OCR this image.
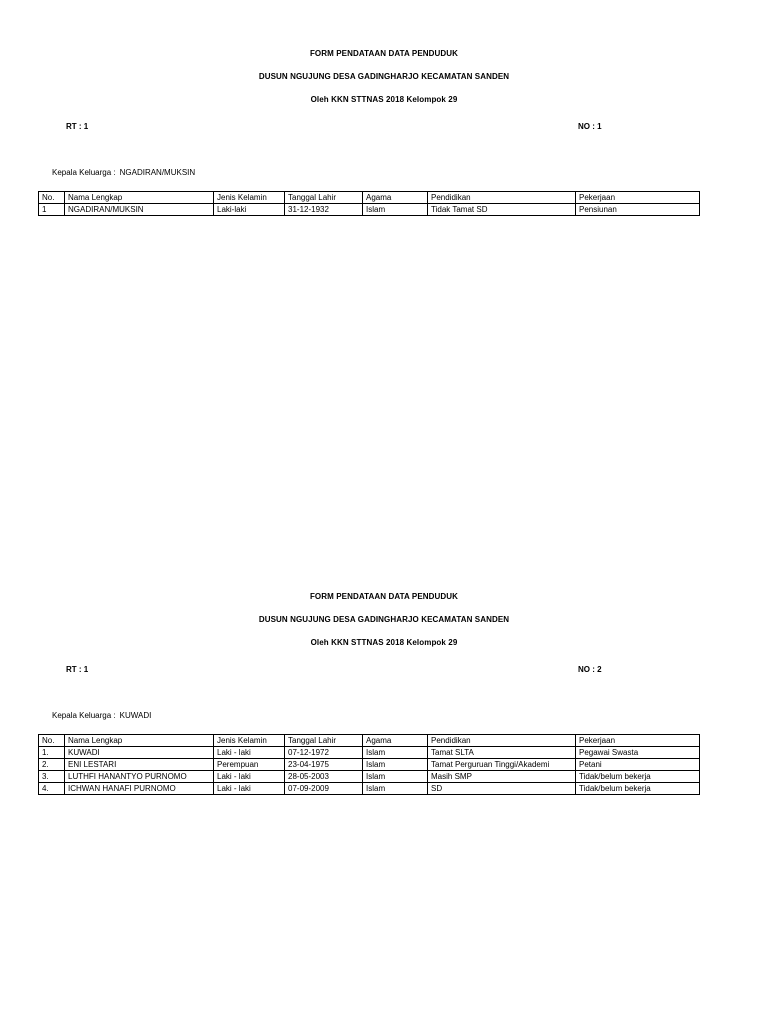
FORM PENDATAAN DATA PENDUDUK
DUSUN NGUJUNG DESA GADINGHARJO KECAMATAN SANDEN
Oleh KKN STTNAS 2018 Kelompok 29
RT : 1	NO : 1
Kepala Keluarga : NGADIRAN/MUKSIN
No.	Nama Lengkap	Jenis Kelamin	Tanggal Lahir	Agama	Pendidikan	Pekerjaan
1	NGADIRAN/MUKSIN	Laki-laki	31-12-1932	Islam	Tidak Tamat SD	Pensiunan
FORM PENDATAAN DATA PENDUDUK
DUSUN NGUJUNG DESA GADINGHARJO KECAMATAN SANDEN
Oleh KKN STTNAS 2018 Kelompok 29
RT : 1	NO : 2
Kepala Keluarga : KUWADI
No.	Nama Lengkap	Jenis Kelamin	Tanggal Lahir	Agama	Pendidikan	Pekerjaan
1.	KUWADI	Laki - laki	07-12-1972	Islam	Tamat SLTA	Pegawai Swasta
2.	ENI LESTARI	Perempuan	23-04-1975	Islam	Tamat Perguruan Tinggi/Akademi	Petani
3.	LUTHFI HANANTYO PURNOMO	Laki - laki	28-05-2003	Islam	Masih SMP	Tidak/belum bekerja
4.	ICHWAN HANAFI PURNOMO	Laki - laki	07-09-2009	Islam	SD	Tidak/belum bekerja
